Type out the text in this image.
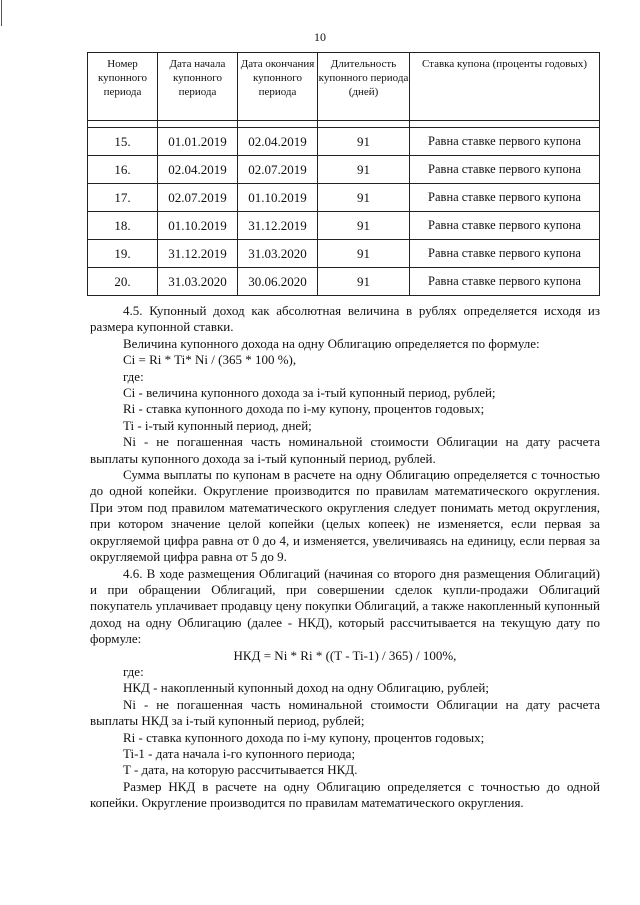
10
Номер купонного периода	Дата начала купонного периода	Дата окончания купонного периода	Длительность купонного периода (дней)	Ставка купона (проценты годовых)

15.	01.01.2019	02.04.2019	91	Равна ставке первого купона
16.	02.04.2019	02.07.2019	91	Равна ставке первого купона
17.	02.07.2019	01.10.2019	91	Равна ставке первого купона
18.	01.10.2019	31.12.2019	91	Равна ставке первого купона
19.	31.12.2019	31.03.2020	91	Равна ставке первого купона
20.	31.03.2020	30.06.2020	91	Равна ставке первого купона

4.5. Купонный доход как абсолютная величина в рублях определяется исходя из размера купонной ставки.

Величина купонного дохода на одну Облигацию определяется по формуле:

Ci = Ri * Ti* Ni / (365 * 100 %),

где:

Ci - величина купонного дохода за i-тый купонный период, рублей;

Ri - ставка купонного дохода по i-му купону, процентов годовых;

Ti - i-тый купонный период, дней;

Ni - не погашенная часть номинальной стоимости Облигации на дату расчета выплаты купонного дохода за i-тый купонный период, рублей.

Сумма выплаты по купонам в расчете на одну Облигацию определяется с точностью до одной копейки. Округление производится по правилам математического округления. При этом под правилом математического округления следует понимать метод округления, при котором значение целой копейки (целых копеек) не изменяется, если первая за округляемой цифра равна от 0 до 4, и изменяется, увеличиваясь на единицу, если первая за округляемой цифра равна от 5 до 9.

4.6. В ходе размещения Облигаций (начиная со второго дня размещения Облигаций) и при обращении Облигаций, при совершении сделок купли-продажи Облигаций покупатель уплачивает продавцу цену покупки Облигаций, а также накопленный купонный доход на одну Облигацию (далее - НКД), который рассчитывается на текущую дату по формуле:

НКД = Ni * Ri * ((T - Ti-1) / 365) / 100%,

где:

НКД - накопленный купонный доход на одну Облигацию, рублей;

Ni - не погашенная часть номинальной стоимости Облигации на дату расчета выплаты НКД за i-тый купонный период, рублей;

Ri - ставка купонного дохода по i-му купону, процентов годовых;

Ti-1 - дата начала i-го купонного периода;

T - дата, на которую рассчитывается НКД.

Размер НКД в расчете на одну Облигацию определяется с точностью до одной копейки. Округление производится по правилам математического округления.
